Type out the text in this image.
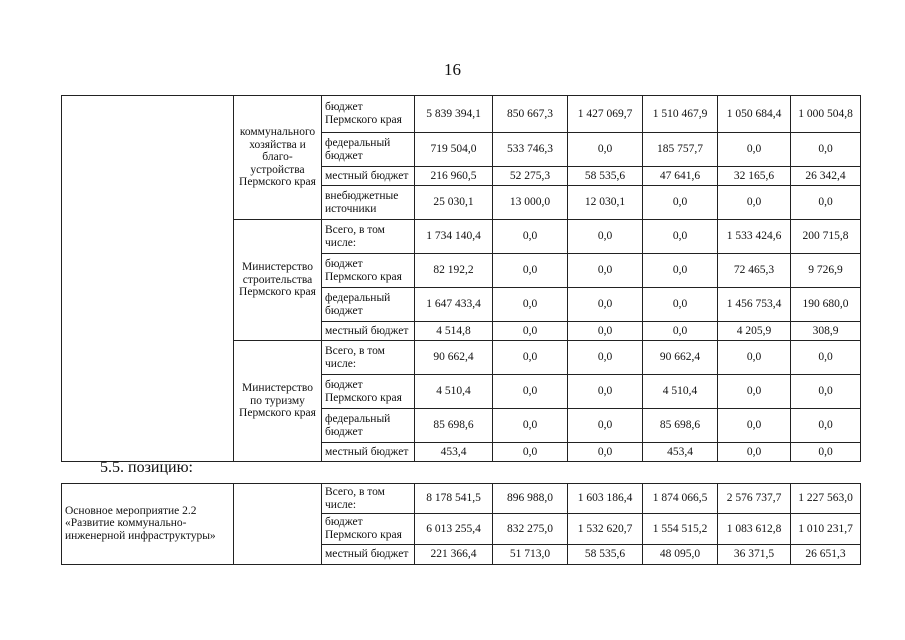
16
	коммунального хозяйства и благо-устройства Пермского края	бюджет Пермского края	5 839 394,1	850 667,3	1 427 069,7	1 510 467,9	1 050 684,4	1 000 504,8
		федеральный бюджет	719 504,0	533 746,3	0,0	185 757,7	0,0	0,0
		местный бюджет	216 960,5	52 275,3	58 535,6	47 641,6	32 165,6	26 342,4
		внебюджетные источники	25 030,1	13 000,0	12 030,1	0,0	0,0	0,0
	Министерство строительства Пермского края	Всего, в том числе:	1 734 140,4	0,0	0,0	0,0	1 533 424,6	200 715,8
		бюджет Пермского края	82 192,2	0,0	0,0	0,0	72 465,3	9 726,9
		федеральный бюджет	1 647 433,4	0,0	0,0	0,0	1 456 753,4	190 680,0
		местный бюджет	4 514,8	0,0	0,0	0,0	4 205,9	308,9
	Министерство по туризму Пермского края	Всего, в том числе:	90 662,4	0,0	0,0	90 662,4	0,0	0,0
		бюджет Пермского края	4 510,4	0,0	0,0	4 510,4	0,0	0,0
		федеральный бюджет	85 698,6	0,0	0,0	85 698,6	0,0	0,0
		местный бюджет	453,4	0,0	0,0	453,4	0,0	0,0
5.5. позицию:
Основное мероприятие 2.2 «Развитие коммунально-инженерной инфраструктуры»		Всего, в том числе:	8 178 541,5	896 988,0	1 603 186,4	1 874 066,5	2 576 737,7	1 227 563,0
		бюджет Пермского края	6 013 255,4	832 275,0	1 532 620,7	1 554 515,2	1 083 612,8	1 010 231,7
		местный бюджет	221 366,4	51 713,0	58 535,6	48 095,0	36 371,5	26 651,3
